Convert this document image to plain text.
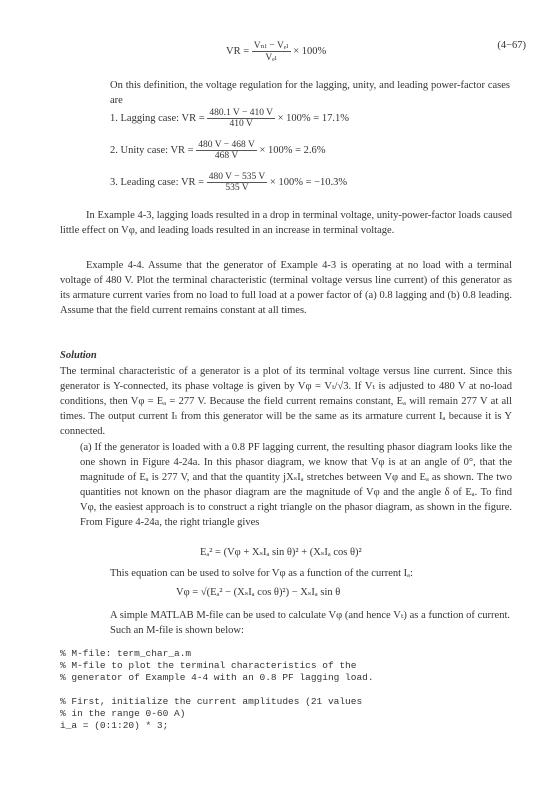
VR = $\frac{\text{Vₙₗ − Vₑₗ}}{\text{Vₑₗ}} \times 100\%$
(4−67)
On this definition, the voltage regulation for the lagging, unity, and leading power-factor cases are
1. Lagging case: VR = $\frac{480.1 V - 410 V}{410 V} \times 100\% = 17.1\%$
2. Unity case: VR = $\frac{480 V - 468 V}{468 V} \times 100\% = 2.6\%$
3. Leading case: VR = $\frac{480 V - 535 V}{535 V} \times 100\% = -10.3\%$
In Example 4-3, lagging loads resulted in a drop in terminal voltage, unity-power-factor loads caused little effect on Vφ, and leading loads resulted in an increase in terminal voltage.
Example 4-4. Assume that the generator of Example 4-3 is operating at no load with a terminal voltage of 480 V. Plot the terminal characteristic (terminal voltage versus line current) of this generator as its armature current varies from no load to full load at a power factor of (a) 0.8 lagging and (b) 0.8 leading. Assume that the field current remains constant at all times.
Solution
The terminal characteristic of a generator is a plot of its terminal voltage versus line current. Since this generator is Y-connected, its phase voltage is given by Vφ = Vₜ/√3. If Vₜ is adjusted to 480 V at no-load conditions, then Vφ = Eₐ = 277 V. Because the field current remains constant, Eₐ will remain 277 V at all times. The output current Iₗ from this generator will be the same as its armature current Iₐ because it is Y connected.
(a) If the generator is loaded with a 0.8 PF lagging current, the resulting phasor diagram looks like the one shown in Figure 4-24a. In this phasor diagram, we know that Vφ is at an angle of 0°, that the magnitude of Eₐ is 277 V, and that the quantity jXₛIₐ stretches between Vφ and Eₐ as shown. The two quantities not known on the phasor diagram are the magnitude of Vφ and the angle δ of Eₐ. To find Vφ, the easiest approach is to construct a right triangle on the phasor diagram, as shown in the figure. From Figure 4-24a, the right triangle gives
Eₐ² = (Vφ + XₛIₐ sin θ)² + (XₛIₐ cos θ)²
This equation can be used to solve for Vφ as a function of the current Iₐ:
Vφ = √(Eₐ² − (XₛIₐ cos θ)²) − XₛIₐ sin θ
A simple MATLAB M-file can be used to calculate Vφ (and hence Vₜ) as a function of current. Such an M-file is shown below:
% M-file: term_char_a.m
% M-file to plot the terminal characteristics of the
% generator of Example 4-4 with an 0.8 PF lagging load.

% First, initialize the current amplitudes (21 values
% in the range 0-60 A)
i_a = (0:1:20) * 3;
